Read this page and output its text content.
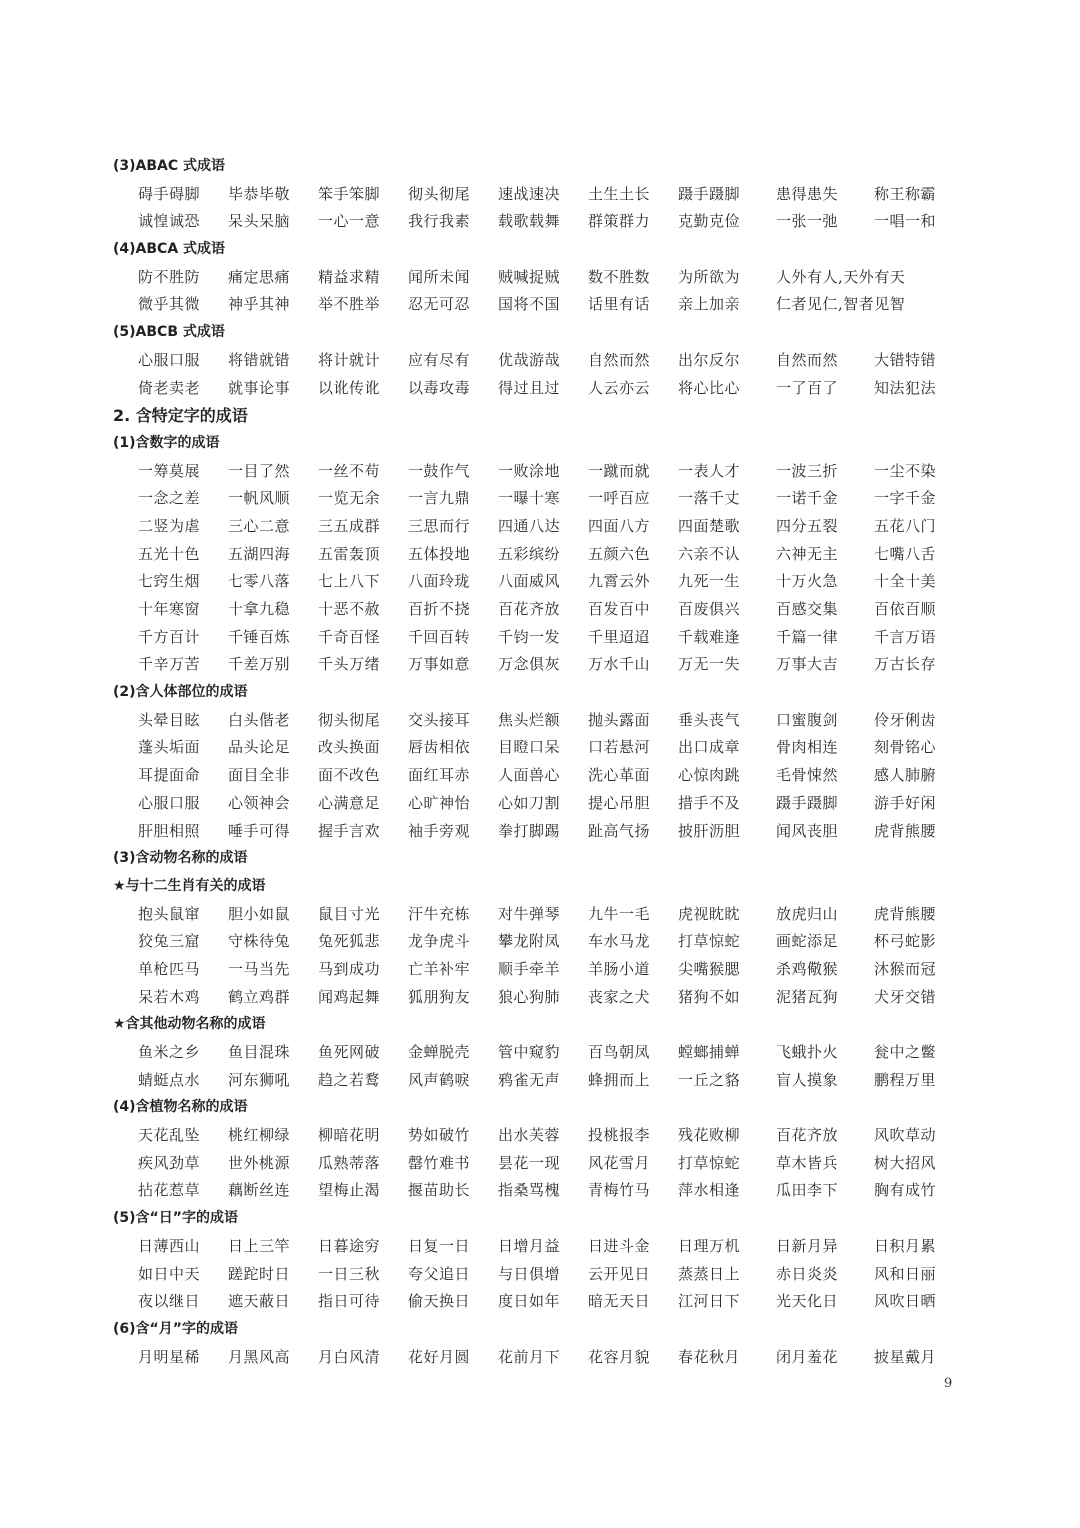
(3)ABAC 式成语
碍手碍脚 毕恭毕敬 笨手笨脚 彻头彻尾 速战速决 土生土长 蹑手蹑脚 患得患失 称王称霸
诚惶诚恐 呆头呆脑 一心一意 我行我素 载歌载舞 群策群力 克勤克俭 一张一弛 一唱一和
(4)ABCA 式成语
防不胜防 痛定思痛 精益求精 闻所未闻 贼喊捉贼 数不胜数 为所欲为 人外有人,天外有天
微乎其微 神乎其神 举不胜举 忍无可忍 国将不国 话里有话 亲上加亲 仁者见仁,智者见智
(5)ABCB 式成语
心服口服 将错就错 将计就计 应有尽有 优哉游哉 自然而然 出尔反尔 自然而然 大错特错
倚老卖老 就事论事 以讹传讹 以毒攻毒 得过且过 人云亦云 将心比心 一了百了 知法犯法
2. 含特定字的成语
(1)含数字的成语
一筹莫展 一目了然 一丝不苟 一鼓作气 一败涂地 一蹴而就 一表人才 一波三折 一尘不染
一念之差 一帆风顺 一览无余 一言九鼎 一曝十寒 一呼百应 一落千丈 一诺千金 一字千金
二竖为虐 三心二意 三五成群 三思而行 四通八达 四面八方 四面楚歌 四分五裂 五花八门
五光十色 五湖四海 五雷轰顶 五体投地 五彩缤纷 五颜六色 六亲不认 六神无主 七嘴八舌
七窍生烟 七零八落 七上八下 八面玲珑 八面威风 九霄云外 九死一生 十万火急 十全十美
十年寒窗 十拿九稳 十恶不赦 百折不挠 百花齐放 百发百中 百废俱兴 百感交集 百依百顺
千方百计 千锤百炼 千奇百怪 千回百转 千钧一发 千里迢迢 千载难逢 千篇一律 千言万语
千辛万苦 千差万别 千头万绪 万事如意 万念俱灰 万水千山 万无一失 万事大吉 万古长存
(2)含人体部位的成语
头晕目眩 白头偕老 彻头彻尾 交头接耳 焦头烂额 抛头露面 垂头丧气 口蜜腹剑 伶牙俐齿
蓬头垢面 品头论足 改头换面 唇齿相依 目瞪口呆 口若悬河 出口成章 骨肉相连 刻骨铭心
耳提面命 面目全非 面不改色 面红耳赤 人面兽心 洗心革面 心惊肉跳 毛骨悚然 感人肺腑
心服口服 心领神会 心满意足 心旷神怡 心如刀割 提心吊胆 措手不及 蹑手蹑脚 游手好闲
肝胆相照 唾手可得 握手言欢 袖手旁观 拳打脚踢 趾高气扬 披肝沥胆 闻风丧胆 虎背熊腰
(3)含动物名称的成语
★与十二生肖有关的成语
抱头鼠窜 胆小如鼠 鼠目寸光 汗牛充栋 对牛弹琴 九牛一毛 虎视眈眈 放虎归山 虎背熊腰
狡兔三窟 守株待兔 兔死狐悲 龙争虎斗 攀龙附凤 车水马龙 打草惊蛇 画蛇添足 杯弓蛇影
单枪匹马 一马当先 马到成功 亡羊补牢 顺手牵羊 羊肠小道 尖嘴猴腮 杀鸡儆猴 沐猴而冠
呆若木鸡 鹤立鸡群 闻鸡起舞 狐朋狗友 狼心狗肺 丧家之犬 猪狗不如 泥猪瓦狗 犬牙交错
★含其他动物名称的成语
鱼米之乡 鱼目混珠 鱼死网破 金蝉脱壳 管中窥豹 百鸟朝凤 螳螂捕蝉 飞蛾扑火 瓮中之鳖
蜻蜓点水 河东狮吼 趋之若鹜 风声鹤唳 鸦雀无声 蜂拥而上 一丘之貉 盲人摸象 鹏程万里
(4)含植物名称的成语
天花乱坠 桃红柳绿 柳暗花明 势如破竹 出水芙蓉 投桃报李 残花败柳 百花齐放 风吹草动
疾风劲草 世外桃源 瓜熟蒂落 罄竹难书 昙花一现 风花雪月 打草惊蛇 草木皆兵 树大招风
拈花惹草 藕断丝连 望梅止渴 揠苗助长 指桑骂槐 青梅竹马 萍水相逢 瓜田李下 胸有成竹
(5)含“日”字的成语
日薄西山 日上三竿 日暮途穷 日复一日 日增月益 日进斗金 日理万机 日新月异 日积月累
如日中天 蹉跎时日 一日三秋 夸父追日 与日俱增 云开见日 蒸蒸日上 赤日炎炎 风和日丽
夜以继日 遮天蔽日 指日可待 偷天换日 度日如年 暗无天日 江河日下 光天化日 风吹日晒
(6)含“月”字的成语
月明星稀 月黑风高 月白风清 花好月圆 花前月下 花容月貌 春花秋月 闭月羞花 披星戴月
9
